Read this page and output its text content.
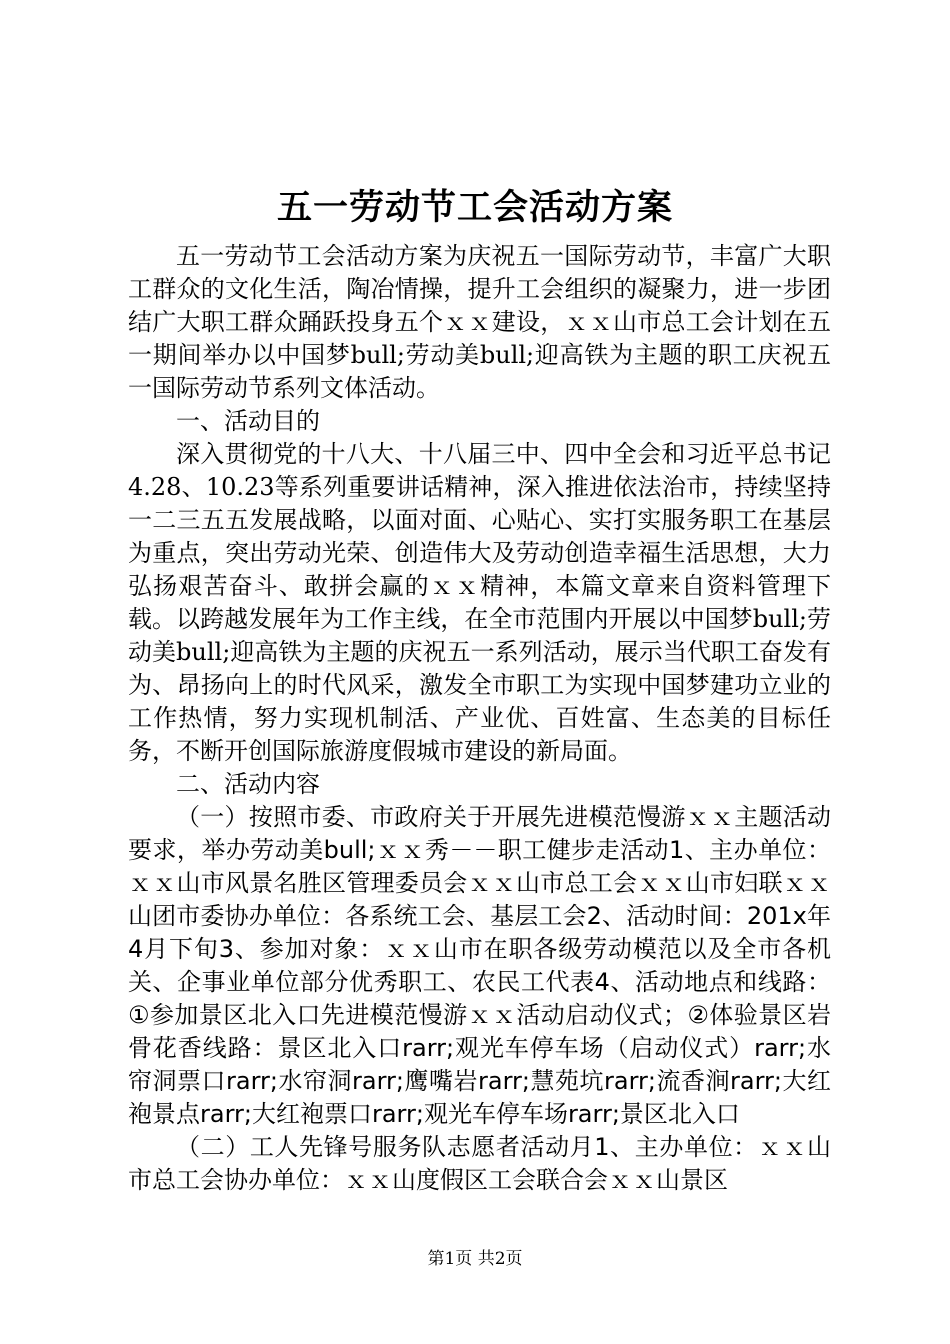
五一劳动节工会活动方案

五一劳动节工会活动方案为庆祝五一国际劳动节，丰富广大职工群众的文化生活，陶冶情操，提升工会组织的凝聚力，进一步团结广大职工群众踊跃投身五个ｘｘ建设，ｘｘ山市总工会计划在五一期间举办以中国梦bull;劳动美bull;迎高铁为主题的职工庆祝五一国际劳动节系列文体活动。

一、活动目的

深入贯彻党的十八大、十八届三中、四中全会和习近平总书记4.28、10.23等系列重要讲话精神，深入推进依法治市，持续坚持一二三五五发展战略，以面对面、心贴心、实打实服务职工在基层为重点，突出劳动光荣、创造伟大及劳动创造幸福生活思想，大力弘扬艰苦奋斗、敢拼会赢的ｘｘ精神，本篇文章来自资料管理下载。以跨越发展年为工作主线，在全市范围内开展以中国梦bull;劳动美bull;迎高铁为主题的庆祝五一系列活动，展示当代职工奋发有为、昂扬向上的时代风采，激发全市职工为实现中国梦建功立业的工作热情，努力实现机制活、产业优、百姓富、生态美的目标任务，不断开创国际旅游度假城市建设的新局面。

二、活动内容

（一）按照市委、市政府关于开展先进模范慢游ｘｘ主题活动要求，举办劳动美bull;ｘｘ秀－－职工健步走活动1、主办单位：ｘｘ山市风景名胜区管理委员会ｘｘ山市总工会ｘｘ山市妇联ｘｘ山团市委协办单位：各系统工会、基层工会2、活动时间：201x年4月下旬3、参加对象：ｘｘ山市在职各级劳动模范以及全市各机关、企事业单位部分优秀职工、农民工代表4、活动地点和线路：①参加景区北入口先进模范慢游ｘｘ活动启动仪式；②体验景区岩骨花香线路：景区北入口rarr;观光车停车场（启动仪式）rarr;水帘洞票口rarr;水帘洞rarr;鹰嘴岩rarr;慧苑坑rarr;流香涧rarr;大红袍景点rarr;大红袍票口rarr;观光车停车场rarr;景区北入口

（二）工人先锋号服务队志愿者活动月1、主办单位：ｘｘ山市总工会协办单位：ｘｘ山度假区工会联合会ｘｘ山景区

第1页 共2页
